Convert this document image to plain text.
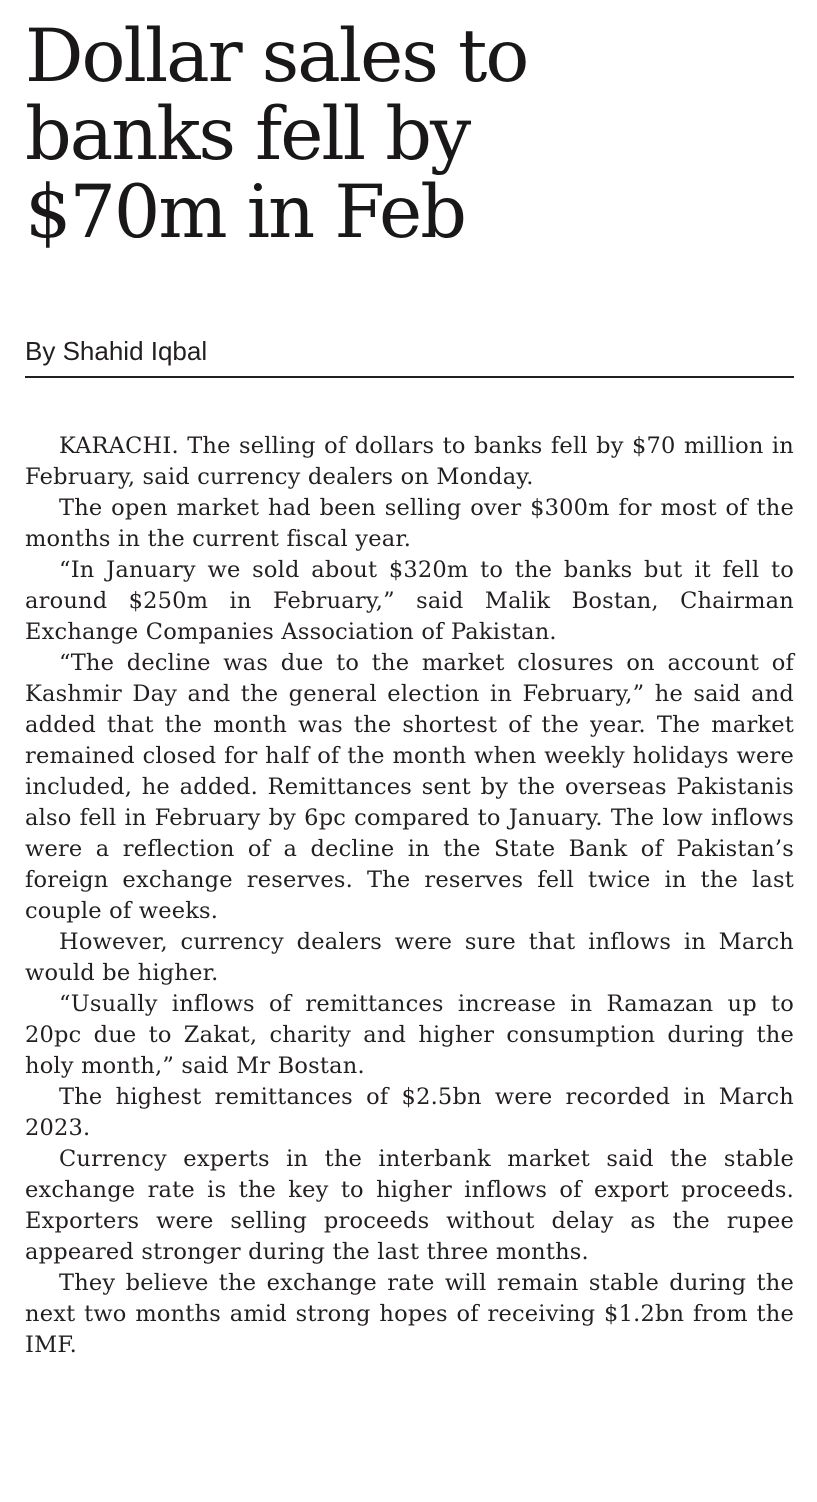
Dollar sales to
banks fell by
$70m in Feb

By Shahid Iqbal

KARACHI. The selling of dollars to banks fell by $70 million in February, said currency dealers on Monday.

The open market had been selling over $300m for most of the months in the current fiscal year.

“In January we sold about $320m to the banks but it fell to around $250m in February,” said Malik Bostan, Chairman Exchange Companies Association of Pakistan.

“The decline was due to the market closures on account of Kashmir Day and the general election in February,” he said and added that the month was the shortest of the year. The market remained closed for half of the month when weekly holidays were included, he added. Remittances sent by the overseas Pakistanis also fell in February by 6pc compared to January. The low inflows were a reflection of a decline in the State Bank of Pakistan’s foreign exchange reserves. The reserves fell twice in the last couple of weeks.

However, currency dealers were sure that inflows in March would be higher.

“Usually inflows of remittances increase in Ramazan up to 20pc due to Zakat, charity and higher consumption during the holy month,” said Mr Bostan.

The highest remittances of $2.5bn were recorded in March 2023.

Currency experts in the interbank market said the stable exchange rate is the key to higher inflows of export proceeds. Exporters were selling proceeds without delay as the rupee appeared stronger during the last three months.

They believe the exchange rate will remain stable during the next two months amid strong hopes of receiving $1.2bn from the IMF.
